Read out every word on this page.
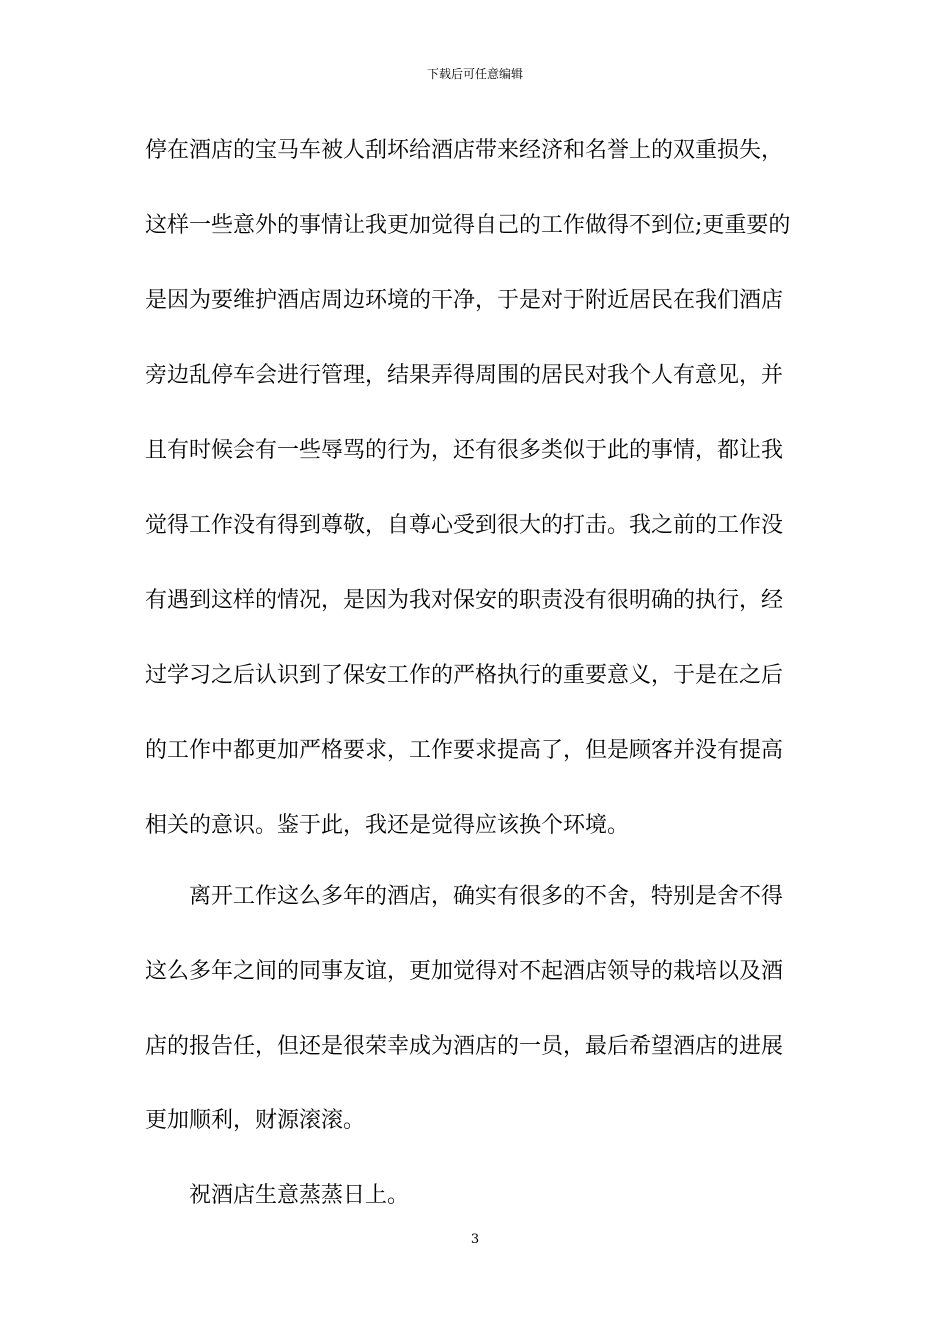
下载后可任意编辑
停在酒店的宝马车被人刮坏给酒店带来经济和名誉上的双重损失，
这样一些意外的事情让我更加觉得自己的工作做得不到位;更重要的
是因为要维护酒店周边环境的干净，于是对于附近居民在我们酒店
旁边乱停车会进行管理，结果弄得周围的居民对我个人有意见，并
且有时候会有一些辱骂的行为，还有很多类似于此的事情，都让我
觉得工作没有得到尊敬，自尊心受到很大的打击。我之前的工作没
有遇到这样的情况，是因为我对保安的职责没有很明确的执行，经
过学习之后认识到了保安工作的严格执行的重要意义，于是在之后
的工作中都更加严格要求，工作要求提高了，但是顾客并没有提高
相关的意识。鉴于此，我还是觉得应该换个环境。
离开工作这么多年的酒店，确实有很多的不舍，特别是舍不得
这么多年之间的同事友谊，更加觉得对不起酒店领导的栽培以及酒
店的报告任，但还是很荣幸成为酒店的一员，最后希望酒店的进展
更加顺利，财源滚滚。
祝酒店生意蒸蒸日上。
3
